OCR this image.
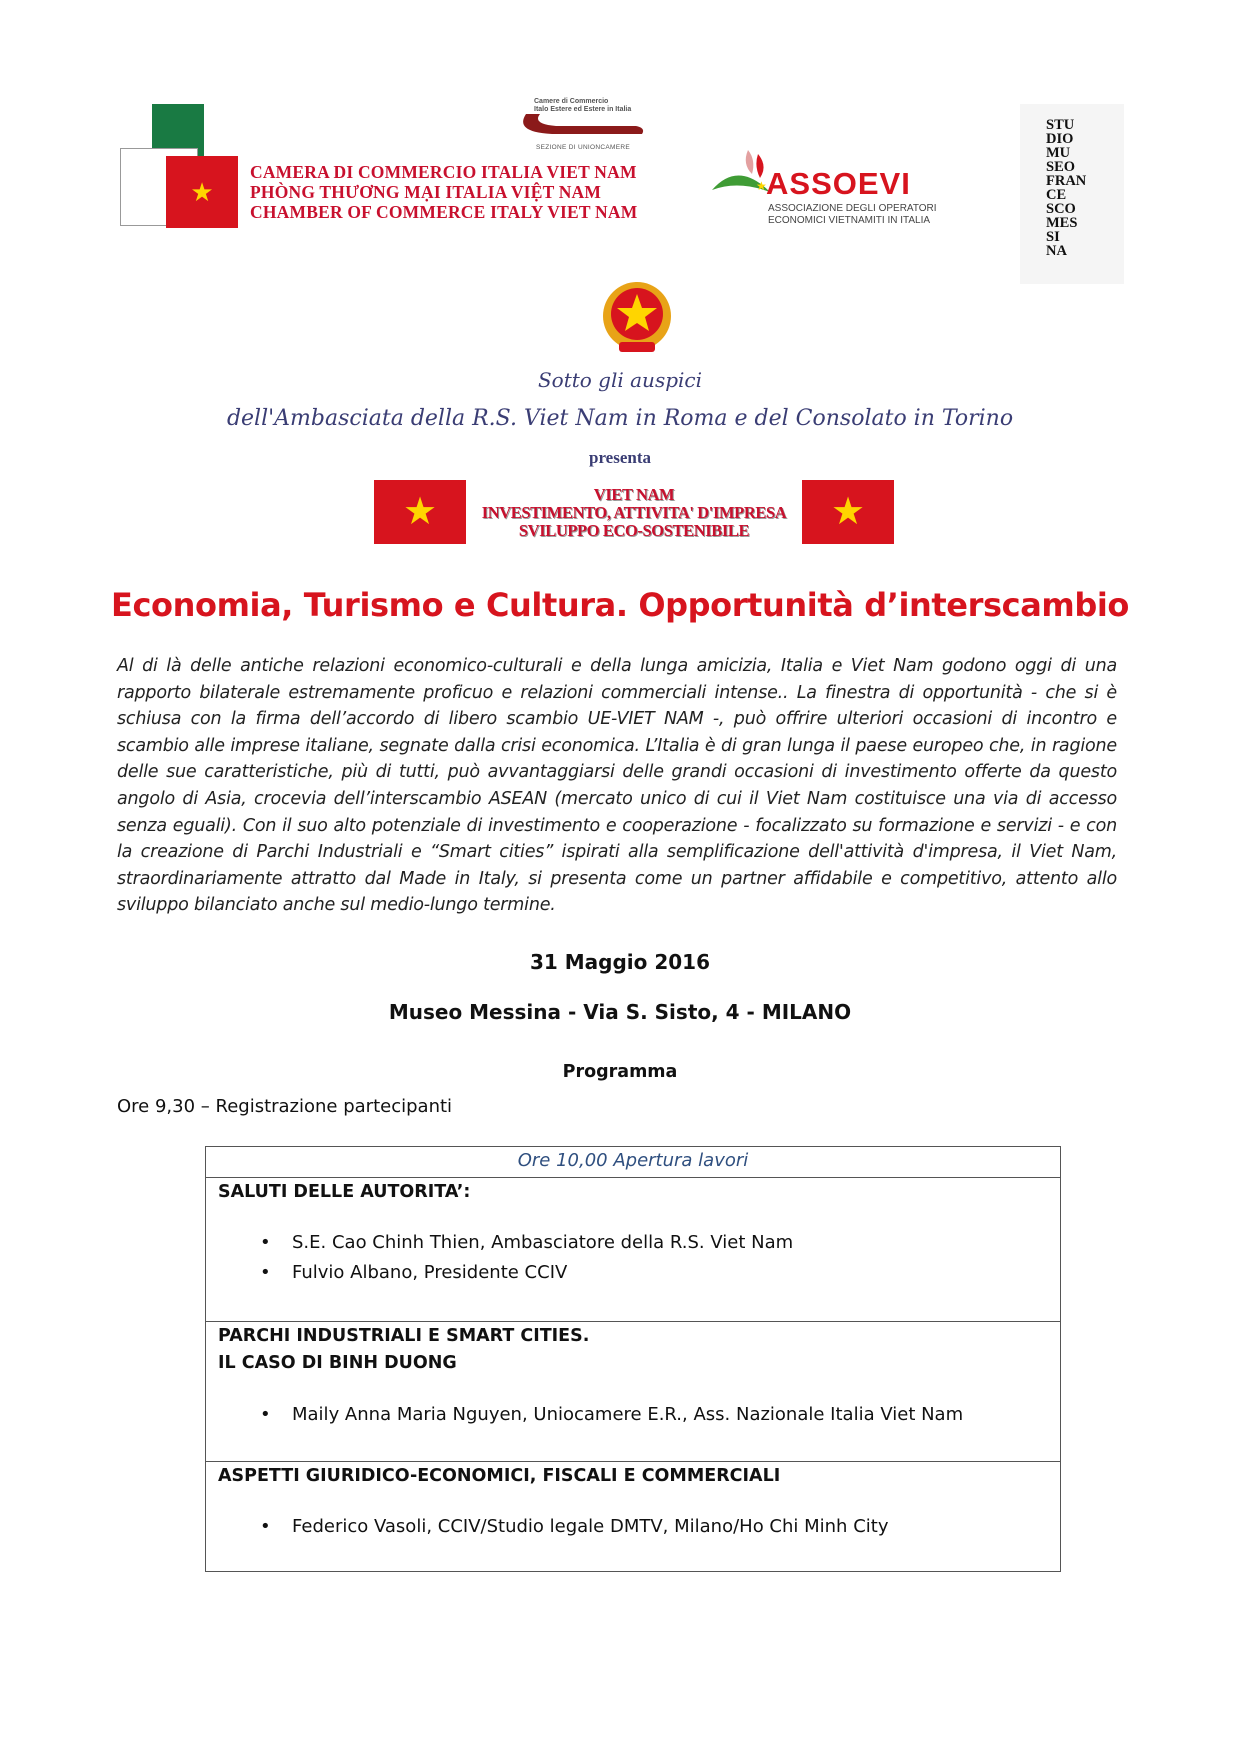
★
Camere di Commercio
Italo Estere ed Estere in Italia
SEZIONE DI UNIONCAMERE
CAMERA DI COMMERCIO ITALIA VIET NAM
PHÒNG THƯƠNG MẠI ITALIA VIỆT NAM
CHAMBER OF COMMERCE ITALY VIET NAM
★ ASSOEVI
ASSOCIAZIONE DEGLI OPERATORI
ECONOMICI VIETNAMITI IN ITALIA
STU
DIO
MU
SEO
FRAN
CE
SCO
MES
SI
NA
Sotto gli auspici
dell'Ambasciata della R.S. Viet Nam in Roma e del Consolato in Torino
presenta
★	VIET NAM
INVESTIMENTO, ATTIVITA' D'IMPRESA
SVILUPPO ECO-SOSTENIBILE	★
Economia, Turismo e Cultura. Opportunità d’interscambio
Al di là delle antiche relazioni economico-culturali e della lunga amicizia, Italia e Viet Nam godono oggi di una rapporto bilaterale estremamente proficuo e relazioni commerciali intense.. La finestra di opportunità - che si è schiusa con la firma dell’accordo di libero scambio UE-VIET NAM -, può offrire ulteriori occasioni di incontro e scambio alle imprese italiane, segnate dalla crisi economica. L’Italia è di gran lunga il paese europeo che, in ragione delle sue caratteristiche, più di tutti, può avvantaggiarsi delle grandi occasioni di investimento offerte da questo angolo di Asia, crocevia dell’interscambio ASEAN (mercato unico di cui il Viet Nam costituisce una via di accesso senza eguali). Con il suo alto potenziale di investimento e cooperazione - focalizzato su formazione e servizi - e con la creazione di Parchi Industriali e “Smart cities” ispirati alla semplificazione dell'attività d'impresa, il Viet Nam, straordinariamente attratto dal Made in Italy, si presenta come un partner affidabile e competitivo, attento allo sviluppo bilanciato anche sul medio-lungo termine.
31 Maggio 2016
Museo Messina - Via S. Sisto, 4 - MILANO
Programma
Ore 9,30 – Registrazione partecipanti
Ore 10,00 Apertura lavori
SALUTI DELLE AUTORITA’:
• S.E. Cao Chinh Thien, Ambasciatore della R.S. Viet Nam
• Fulvio Albano, Presidente CCIV
PARCHI INDUSTRIALI E SMART CITIES.
IL CASO DI BINH DUONG
• Maily Anna Maria Nguyen, Uniocamere E.R., Ass. Nazionale Italia Viet Nam
ASPETTI GIURIDICO-ECONOMICI, FISCALI E COMMERCIALI
• Federico Vasoli, CCIV/Studio legale DMTV, Milano/Ho Chi Minh City
